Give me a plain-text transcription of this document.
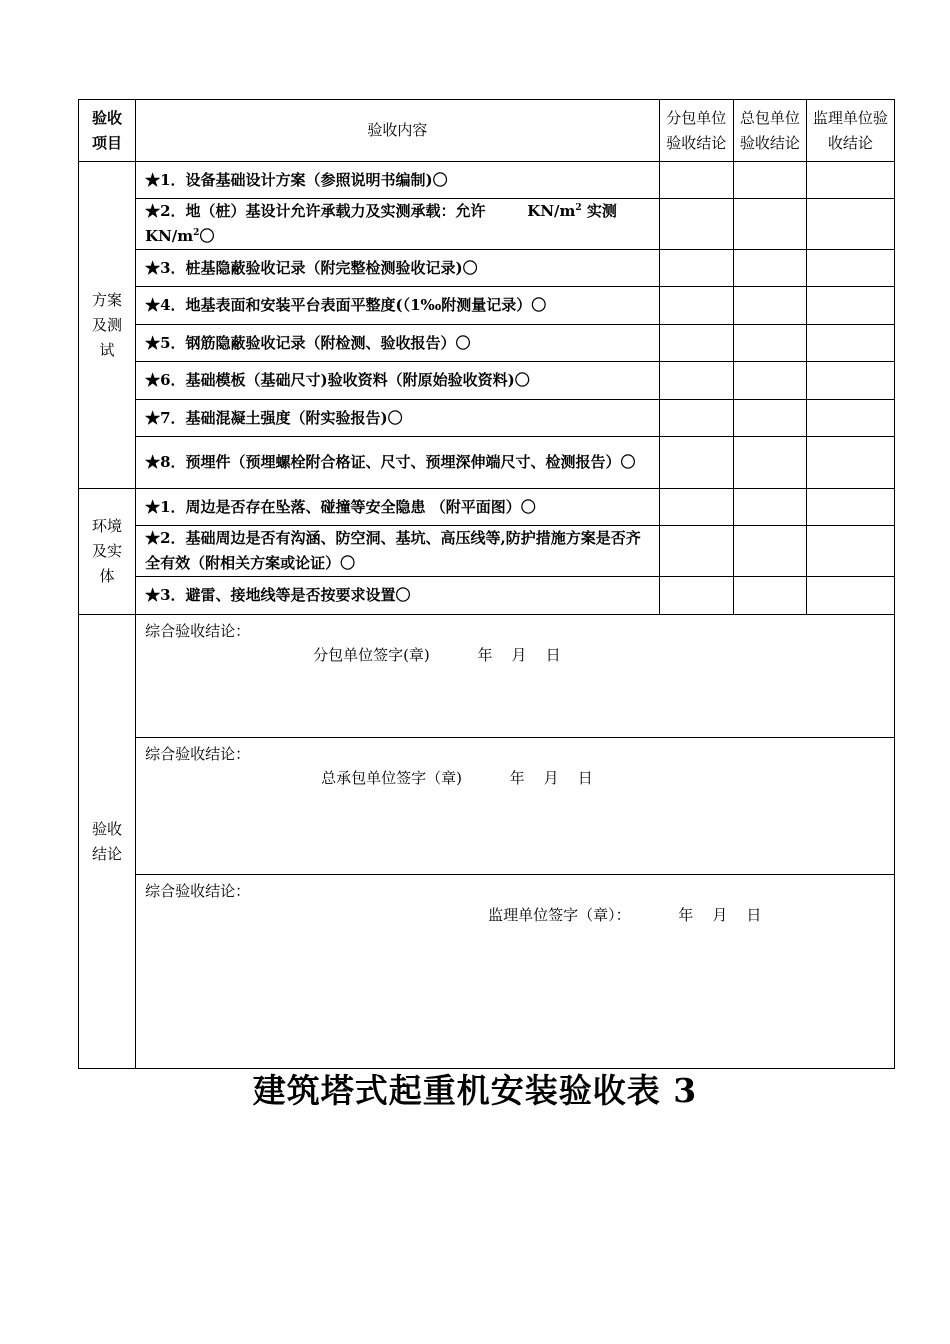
验收项目	验收内容	分包单位验收结论	总包单位验收结论	监理单位验收结论
方案及测试	★1．设备基础设计方案（参照说明书编制)〇			
	★2．地（桩）基设计允许承载力及实测承载：允许        $KN/m^2$ 实测$KN/m^2$〇			
	★3．桩基隐蔽验收记录（附完整检测验收记录)〇			
	★4．地基表面和安装平台表面平整度(（1‰附测量记录）〇			
	★5．钢筋隐蔽验收记录（附检测、验收报告）〇			
	★6．基础模板（基础尺寸)验收资料（附原始验收资料)〇			
	★7．基础混凝土强度（附实验报告)〇			
	★8．预埋件（预埋螺栓附合格证、尺寸、预埋深伸端尺寸、检测报告）〇			
环境及实体	★1．周边是否存在坠落、碰撞等安全隐患 （附平面图）〇			
	★2．基础周边是否有沟涵、防空洞、基坑、高压线等,防护措施方案是否齐全有效（附相关方案或论证）〇			
	★3．避雷、接地线等是否按要求设置〇			
验收结论	综合验收结论：
分包单位签字(章)          年    月    日			

	综合验收结论：
总承包单位签字（章)          年    月    日			

	综合验收结论：
监理单位签字（章）：          年    月    日			
建筑塔式起重机安装验收表 3
